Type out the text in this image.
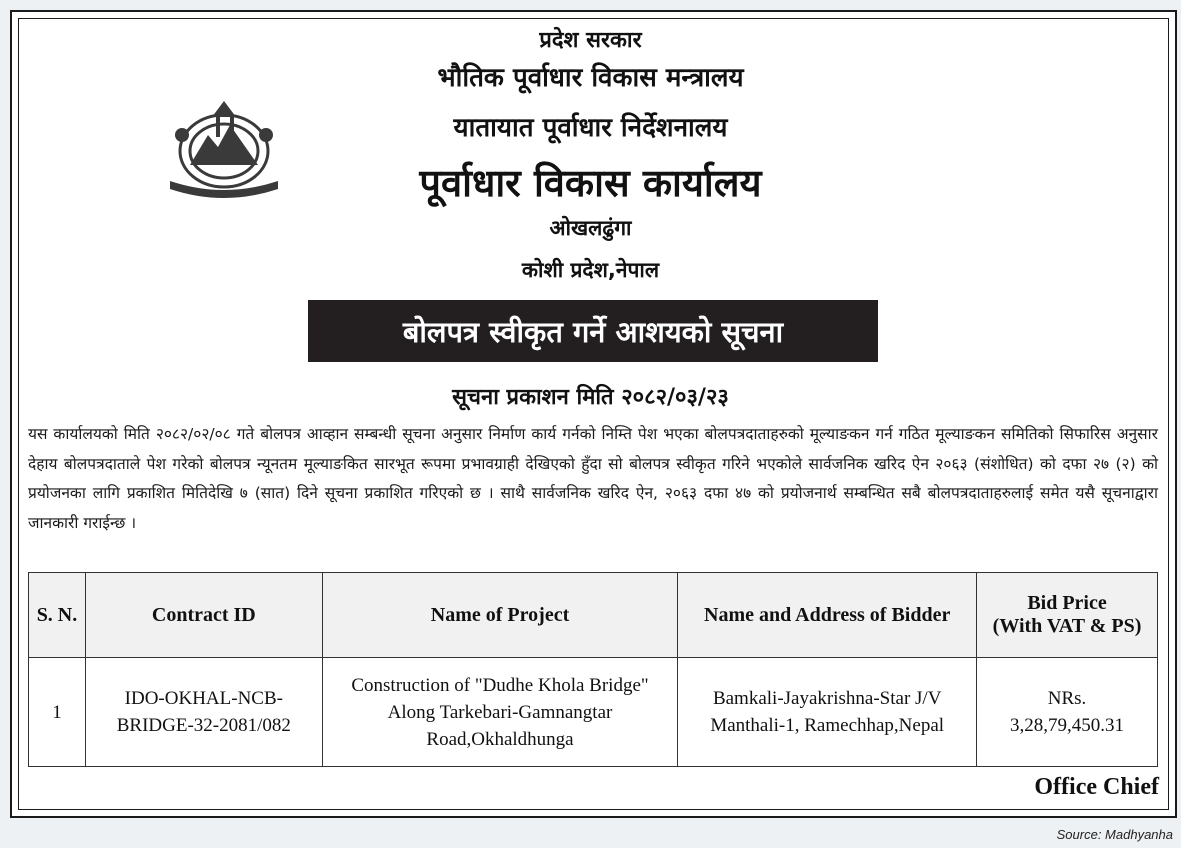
प्रदेश सरकार
भौतिक पूर्वाधार विकास मन्त्रालय
यातायात पूर्वाधार निर्देशनालय
पूर्वाधार विकास कार्यालय
ओखलढुंगा
कोशी प्रदेश,नेपाल
बोलपत्र स्वीकृत गर्ने आशयको सूचना
सूचना प्रकाशन मिति २०८२/०३/२३
यस कार्यालयको मिति २०८२/०२/०८ गते बोलपत्र आव्हान सम्बन्धी सूचना अनुसार निर्माण कार्य गर्नको निम्ति पेश भएका बोलपत्रदाताहरुको मूल्याङकन गर्न गठित मूल्याङकन समितिको सिफारिस अनुसार देहाय बोलपत्रदाताले पेश गरेको बोलपत्र न्यूनतम मूल्याङकित सारभूत रूपमा प्रभावग्राही देखिएको हुँदा सो बोलपत्र स्वीकृत गरिने भएकोले सार्वजनिक खरिद ऐन २०६३ (संशोधित) को दफा २७ (२) को प्रयोजनका लागि प्रकाशित मितिदेखि ७ (सात) दिने सूचना प्रकाशित गरिएको छ । साथै सार्वजनिक खरिद ऐन, २०६३ दफा ४७ को प्रयोजनार्थ सम्बन्धित सबै बोलपत्रदाताहरुलाई समेत यसै सूचनाद्वारा जानकारी गराईन्छ ।
S. N.	Contract ID	Name of Project	Name and Address of Bidder	Bid Price
(With VAT & PS)
1	IDO-OKHAL-NCB-BRIDGE-32-2081/082	Construction of "Dudhe Khola Bridge" Along Tarkebari-Gamnangtar Road,Okhaldhunga	Bamkali-Jayakrishna-Star J/V
Manthali-1, Ramechhap,Nepal	NRs.
3,28,79,450.31
Office Chief
Source: Madhyanha
